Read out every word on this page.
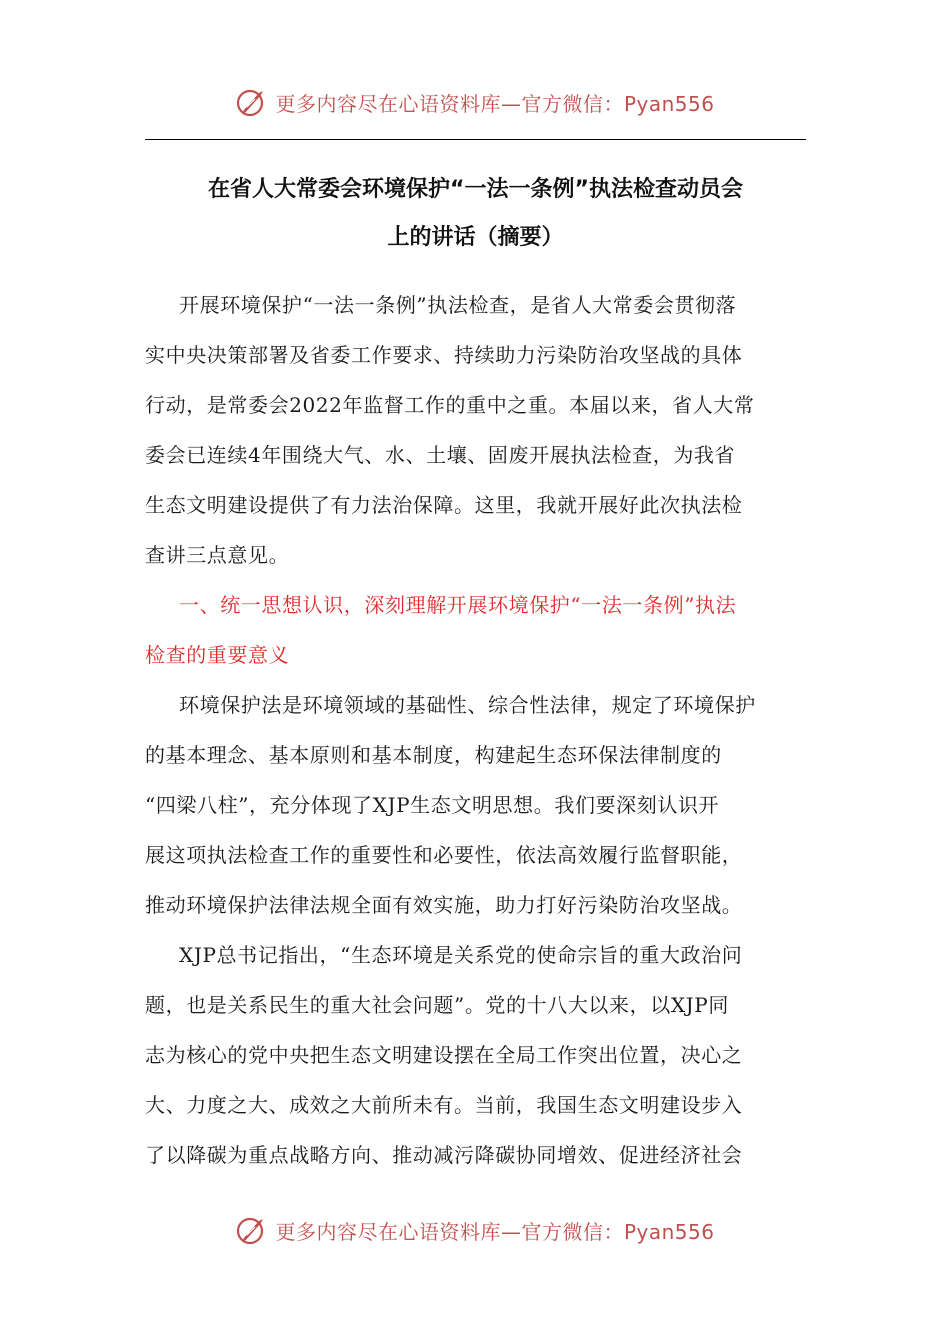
更多内容尽在心语资料库—官方微信：Pyan556
在省人大常委会环境保护“一法一条例”执法检查动员会
上的讲话（摘要）
开展环境保护“一法一条例”执法检查，是省人大常委会贯彻落
实中央决策部署及省委工作要求、持续助力污染防治攻坚战的具体
行动，是常委会2022年监督工作的重中之重。本届以来，省人大常
委会已连续4年围绕大气、水、土壤、固废开展执法检查，为我省
生态文明建设提供了有力法治保障。这里，我就开展好此次执法检
查讲三点意见。
一、统一思想认识，深刻理解开展环境保护“一法一条例”执法
检查的重要意义
环境保护法是环境领域的基础性、综合性法律，规定了环境保护
的基本理念、基本原则和基本制度，构建起生态环保法律制度的
“四梁八柱”，充分体现了XJP生态文明思想。我们要深刻认识开
展这项执法检查工作的重要性和必要性，依法高效履行监督职能，
推动环境保护法律法规全面有效实施，助力打好污染防治攻坚战。
XJP总书记指出，“生态环境是关系党的使命宗旨的重大政治问
题，也是关系民生的重大社会问题”。党的十八大以来，以XJP同
志为核心的党中央把生态文明建设摆在全局工作突出位置，决心之
大、力度之大、成效之大前所未有。当前，我国生态文明建设步入
了以降碳为重点战略方向、推动减污降碳协同增效、促进经济社会
更多内容尽在心语资料库—官方微信：Pyan556
